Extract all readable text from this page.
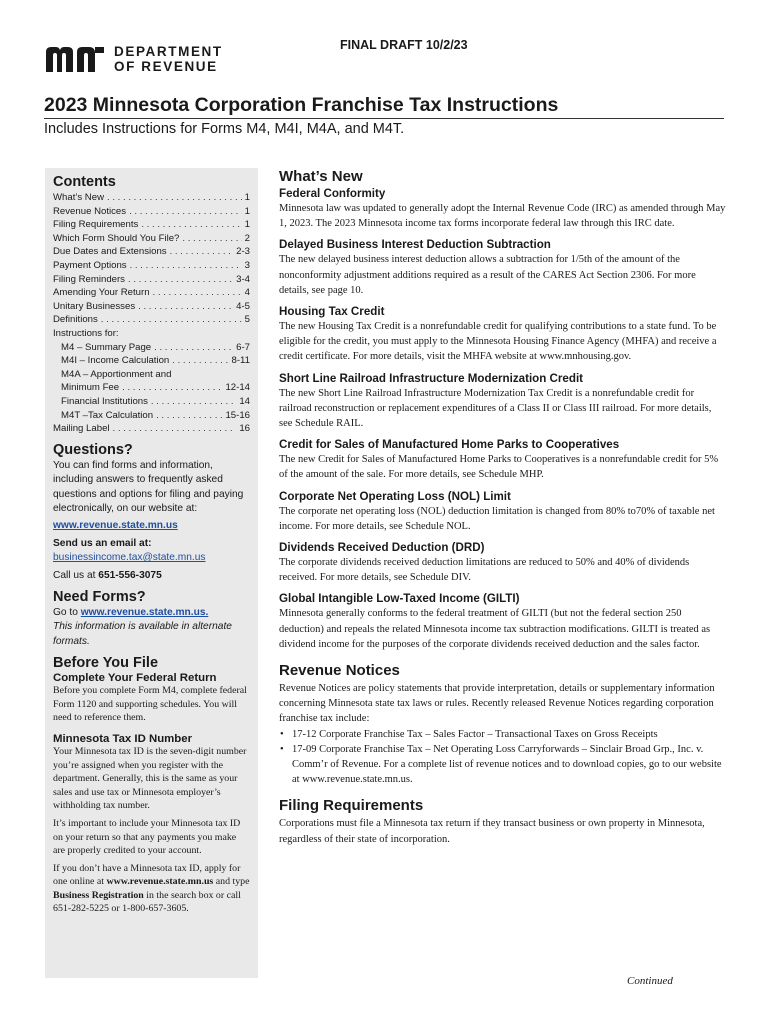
DEPARTMENT
OF REVENUE
FINAL DRAFT 10/2/23
2023 Minnesota Corporation Franchise Tax Instructions
Includes Instructions for Forms M4, M4I, M4A, and M4T.
Contents
What’s New . . .	1
Revenue Notices . . .	1
Filing Requirements . . .	1
Which Form Should You File? . . .	2
Due Dates and Extensions . . .	2-3
Payment Options . . .	3
Filing Reminders . . .	3-4
Amending Your Return . . .	4
Unitary Businesses . . .	4-5
Definitions . . .	5
Instructions for:
M4 – Summary Page . . .	6-7
M4I – Income Calculation . . .	8-11
M4A – Apportionment and
Minimum Fee . . .	12-14
Financial Institutions . . .	14
M4T –Tax Calculation . . .	15-16
Mailing Label . . .	16
Questions?

You can find forms and information, including answers to frequently asked questions and options for filing and paying electronically, on our website at:

www.revenue.state.mn.us

Send us an email at:

businessincome.tax@state.mn.us

Call us at 651-556-3075

Need Forms?

Go to www.revenue.state.mn.us.

This information is available in alternate formats.

Before You File
Complete Your Federal Return

Before you complete Form M4, complete federal Form 1120 and supporting schedules. You will need to reference them.

Minnesota Tax ID Number

Your Minnesota tax ID is the seven-digit number you’re assigned when you register with the department. Generally, this is the same as your sales and use tax or Minnesota employer’s withholding tax number.

It’s important to include your Minnesota tax ID on your return so that any payments you make are properly credited to your account.

If you don’t have a Minnesota tax ID, apply for one online at www.revenue.state.mn.us and type Business Registration in the search box or call 651-282-5225 or 1-800-657-3605.

What’s New
Federal Conformity

Minnesota law was updated to generally adopt the Internal Revenue Code (IRC) as amended through May 1, 2023. The 2023 Minnesota income tax forms incorporate federal law through this IRC date.

Delayed Business Interest Deduction Subtraction

The new delayed business interest deduction allows a subtraction for 1/5th of the amount of the nonconformity adjustment additions required as a result of the CARES Act Section 2306. For more details, see page 10.

Housing Tax Credit

The new Housing Tax Credit is a nonrefundable credit for qualifying contributions to a state fund. To be eligible for the credit, you must apply to the Minnesota Housing Finance Agency (MHFA) and receive a credit certificate. For more details, visit the MHFA website at www.mnhousing.gov.

Short Line Railroad Infrastructure Modernization Credit

The new Short Line Railroad Infrastructure Modernization Tax Credit is a nonrefundable credit for railroad reconstruction or replacement expenditures of a Class II or Class III railroad. For more details, see Schedule RAIL.

Credit for Sales of Manufactured Home Parks to Cooperatives

The new Credit for Sales of Manufactured Home Parks to Cooperatives is a nonrefundable credit for 5% of the amount of the sale. For more details, see Schedule MHP.

Corporate Net Operating Loss (NOL) Limit

The corporate net operating loss (NOL) deduction limitation is changed from 80% to70% of taxable net income. For more details, see Schedule NOL.

Dividends Received Deduction (DRD)

The corporate dividends received deduction limitations are reduced to 50% and 40% of dividends received. For more details, see Schedule DIV.

Global Intangible Low-Taxed Income (GILTI)

Minnesota generally conforms to the federal treatment of GILTI (but not the federal section 250 deduction) and repeals the related Minnesota income tax subtraction modifications. GILTI is treated as dividend income for the purposes of the corporate dividends received deduction and the sales factor.

Revenue Notices

Revenue Notices are policy statements that provide interpretation, details or supplementary information concerning Minnesota state tax laws or rules. Recently released Revenue Notices regarding corporation franchise tax include:

• 17-12 Corporate Franchise Tax – Sales Factor – Transactional Taxes on Gross Receipts
• 17-09 Corporate Franchise Tax – Net Operating Loss Carryforwards – Sinclair Broad Grp., Inc. v. Comm’r of Revenue. For a complete list of revenue notices and to download copies, go to our website at www.revenue.state.mn.us.
Filing Requirements

Corporations must file a Minnesota tax return if they transact business or own property in Minnesota, regardless of their state of incorporation.

Continued
